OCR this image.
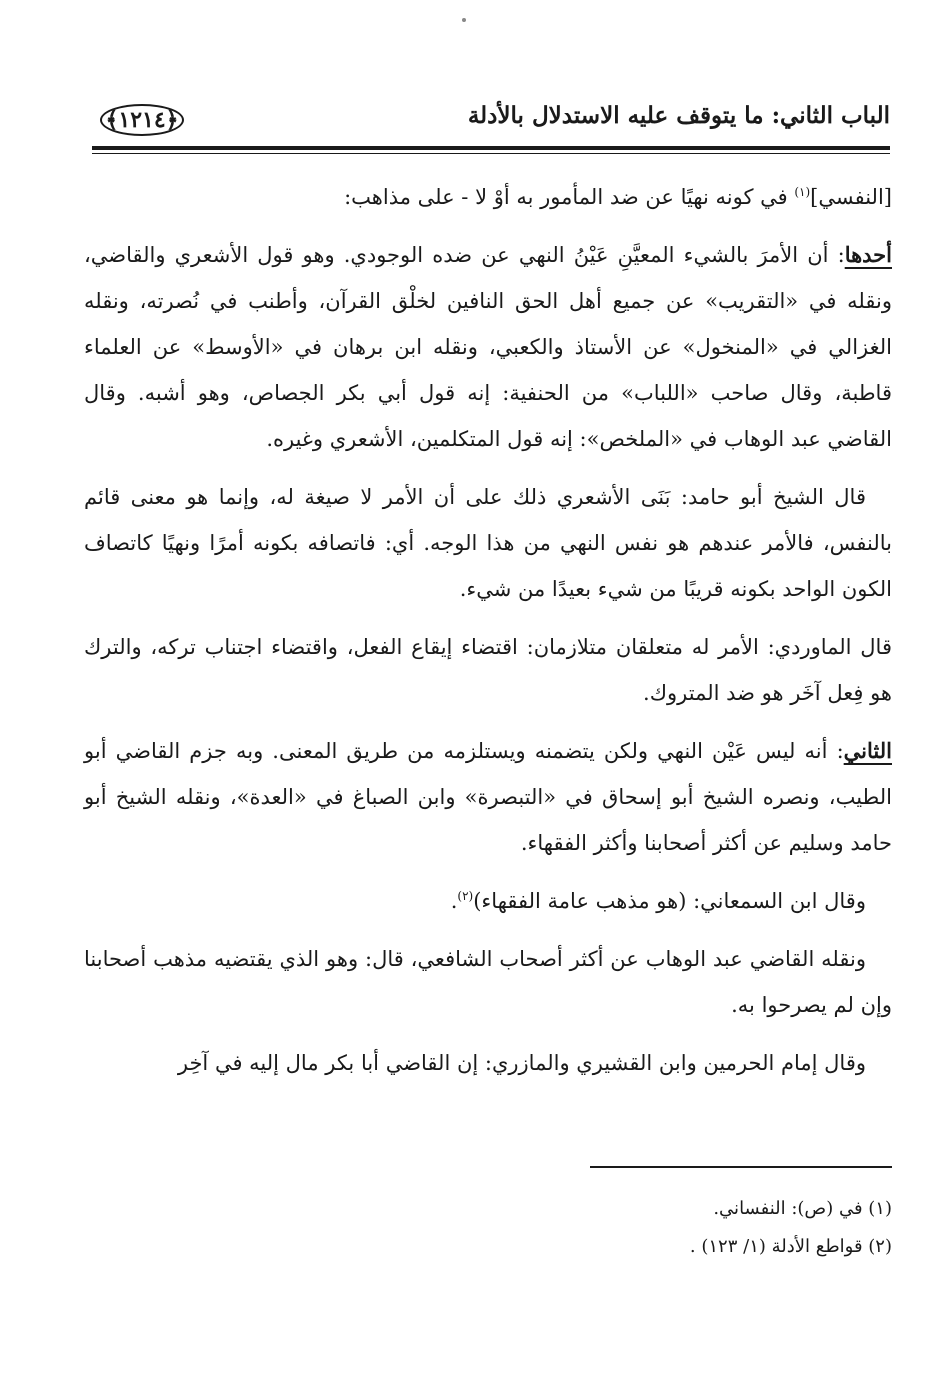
الباب الثاني: ما يتوقف عليه الاستدلال بالأدلة
﴿١٢١٤﴾

[النفسي]$^{(١)}$ في كونه نهيًا عن ضد المأمور به أوْ لا - على مذاهب:

أحدها: أن الأمرَ بالشيء المعيَّنِ عَيْنُ النهي عن ضده الوجودي. وهو قول الأشعري والقاضي، ونقله في «التقريب» عن جميع أهل الحق النافين لخلْق القرآن، وأطنب في نُصرته، ونقله الغزالي في «المنخول» عن الأستاذ والكعبي، ونقله ابن برهان في «الأوسط» عن العلماء قاطبة، وقال صاحب «اللباب» من الحنفية: إنه قول أبي بكر الجصاص، وهو أشبه. وقال القاضي عبد الوهاب في «الملخص»: إنه قول المتكلمين، الأشعري وغيره.

قال الشيخ أبو حامد: بَنَى الأشعري ذلك على أن الأمر لا صيغة له، وإنما هو معنى قائم بالنفس، فالأمر عندهم هو نفس النهي من هذا الوجه. أي: فاتصافه بكونه أمرًا ونهيًا كاتصاف الكون الواحد بكونه قريبًا من شيء بعيدًا من شيء.

قال الماوردي: الأمر له متعلقان متلازمان: اقتضاء إيقاع الفعل، واقتضاء اجتناب تركه، والترك هو فِعل آخَر هو ضد المتروك.

الثاني: أنه ليس عَيْن النهي ولكن يتضمنه ويستلزمه من طريق المعنى. وبه جزم القاضي أبو الطيب، ونصره الشيخ أبو إسحاق في «التبصرة» وابن الصباغ في «العدة»، ونقله الشيخ أبو حامد وسليم عن أكثر أصحابنا وأكثر الفقهاء.

وقال ابن السمعاني: (هو مذهب عامة الفقهاء)$^{(٢)}$.

ونقله القاضي عبد الوهاب عن أكثر أصحاب الشافعي، قال: وهو الذي يقتضيه مذهب أصحابنا وإن لم يصرحوا به.

وقال إمام الحرمين وابن القشيري والمازري: إن القاضي أبا بكر مال إليه في آخِر

(١) في (ص): النفساني.

(٢) قواطع الأدلة (١/ ١٢٣) .
